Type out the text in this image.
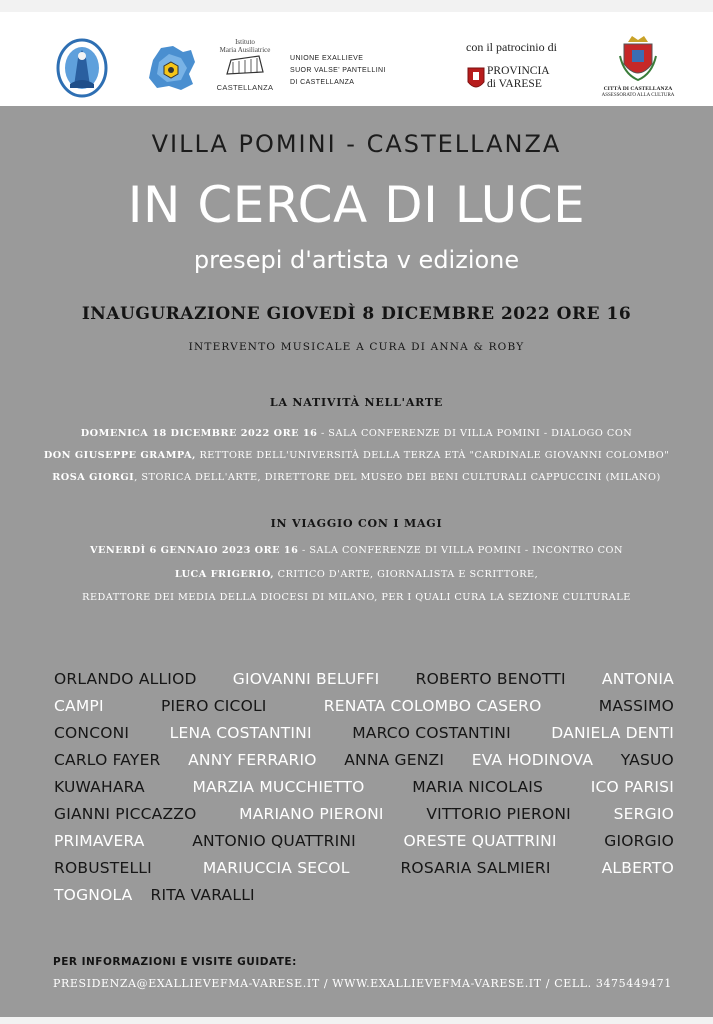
Istituto
Maria Ausiliatrice
CASTELLANZA
UNIONE EXALLIEVE
SUOR VALSE' PANTELLINI
DI CASTELLANZA
con il patrocinio di
PROVINCIA
di VARESE	CITTÀ DI CASTELLANZA
ASSESSORATO ALLA CULTURA
VILLA POMINI - CASTELLANZA
IN CERCA DI LUCE
presepi d'artista v edizione
INAUGURAZIONE GIOVEDÌ 8 DICEMBRE 2022 ORE 16
INTERVENTO MUSICALE A CURA DI ANNA & ROBY
LA NATIVITÀ NELL'ARTE
DOMENICA 18 DICEMBRE 2022 ORE 16 - SALA CONFERENZE DI VILLA POMINI - DIALOGO CON
DON GIUSEPPE GRAMPA, RETTORE DELL'UNIVERSITÀ DELLA TERZA ETÀ "CARDINALE GIOVANNI COLOMBO"
ROSA GIORGI, STORICA DELL'ARTE, DIRETTORE DEL MUSEO DEI BENI CULTURALI CAPPUCCINI (MILANO)
IN VIAGGIO CON I MAGI
VENERDÌ 6 GENNAIO 2023 ORE 16 - SALA CONFERENZE DI VILLA POMINI - INCONTRO CON
LUCA FRIGERIO, CRITICO D'ARTE, GIORNALISTA E SCRITTORE,
REDATTORE DEI MEDIA DELLA DIOCESI DI MILANO, PER I QUALI CURA LA SEZIONE CULTURALE
ORLANDO ALLIOD GIOVANNI BELUFFI ROBERTO BENOTTI ANTONIA
CAMPI	PIERO CICOLI	RENATA COLOMBO CASERO	MASSIMO
CONCONI	LENA COSTANTINI	MARCO COSTANTINI	DANIELA DENTI
CARLO FAYER ANNY FERRARIO ANNA GENZI EVA HODINOVA YASUO
KUWAHARA	MARZIA MUCCHIETTO	MARIA NICOLAIS	ICO PARISI
GIANNI PICCAZZO	MARIANO PIERONI	VITTORIO PIERONI	SERGIO
PRIMAVERA	ANTONIO QUATTRINI	ORESTE QUATTRINI	GIORGIO
ROBUSTELLI	MARIUCCIA SECOL	ROSARIA SALMIERI	ALBERTO
TOGNOLA RITA VARALLI
PER INFORMAZIONI E VISITE GUIDATE:
PRESIDENZA@EXALLIEVEFMA-VARESE.IT / WWW.EXALLIEVEFMA-VARESE.IT / CELL. 3475449471
